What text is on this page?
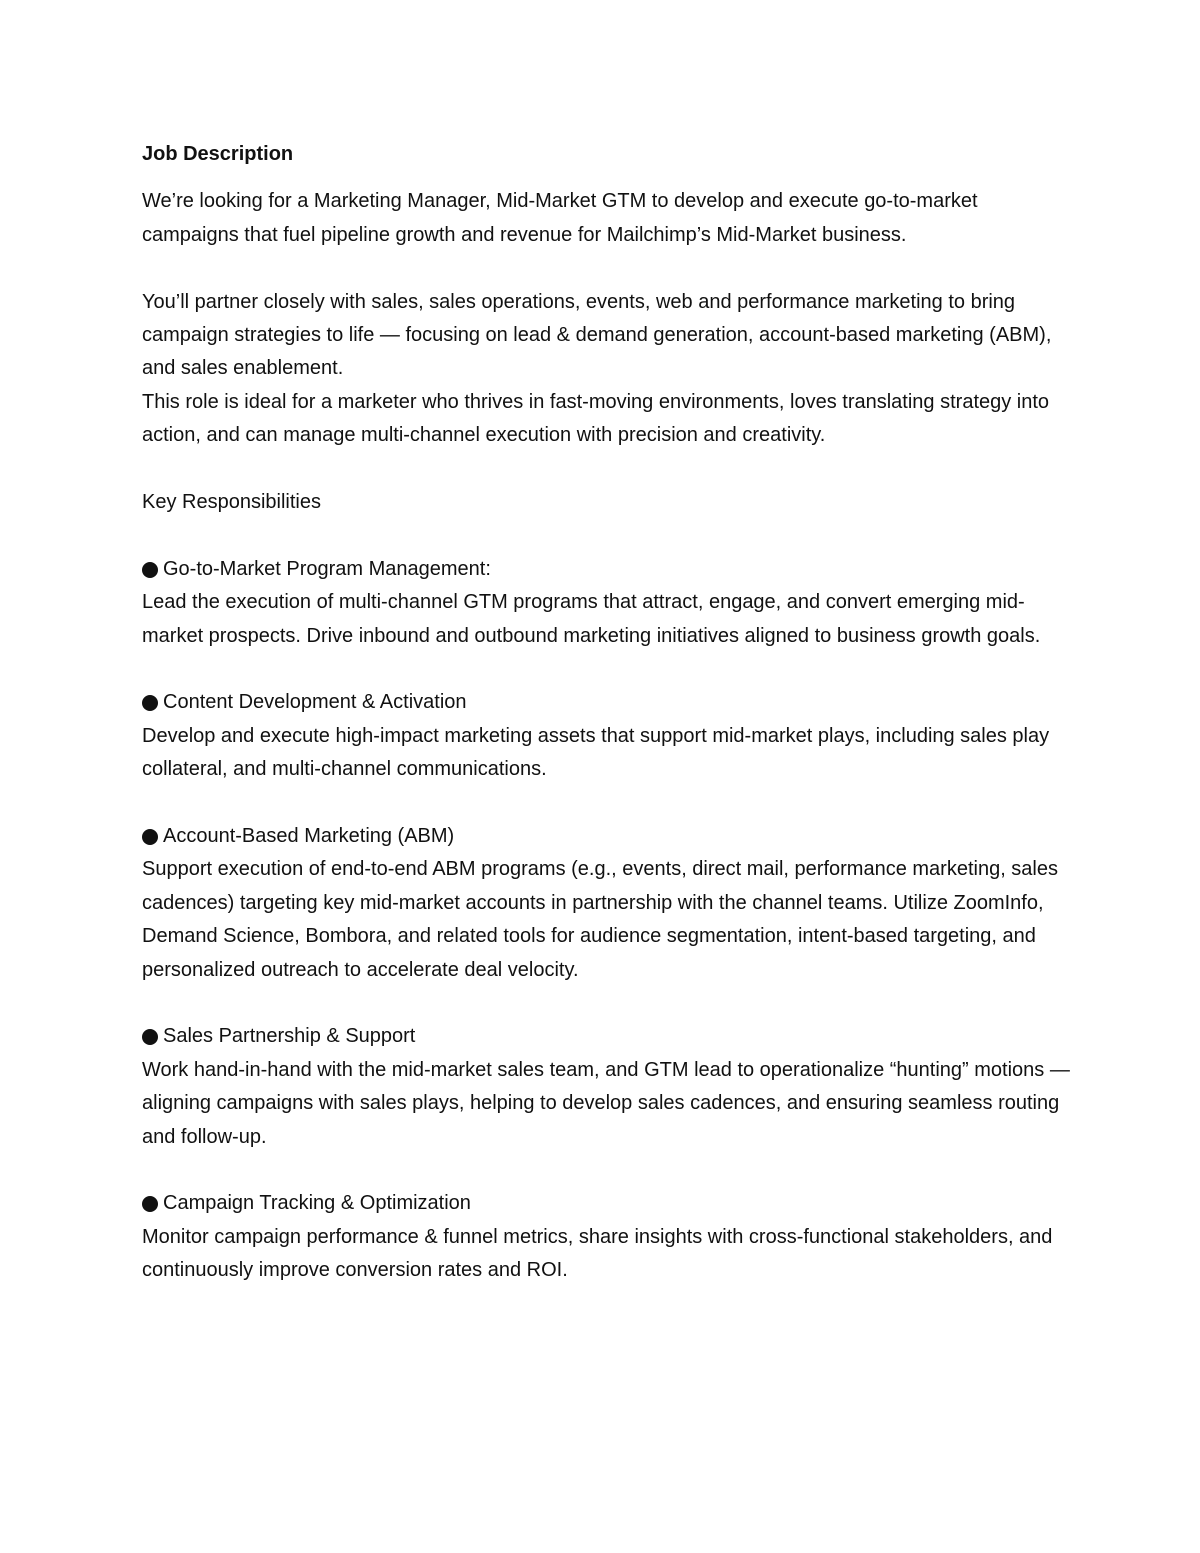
Job Description

We’re looking for a Marketing Manager, Mid-Market GTM to develop and execute go-to-market campaigns that fuel pipeline growth and revenue for Mailchimp’s Mid-Market business.

You’ll partner closely with sales, sales operations, events, web and performance marketing to bring campaign strategies to life — focusing on lead & demand generation, account-based marketing (ABM), and sales enablement.

This role is ideal for a marketer who thrives in fast-moving environments, loves translating strategy into action, and can manage multi-channel execution with precision and creativity.

Key Responsibilities

Go-to-Market Program Management:

Lead the execution of multi-channel GTM programs that attract, engage, and convert emerging mid-market prospects. Drive inbound and outbound marketing initiatives aligned to business growth goals.

Content Development & Activation

Develop and execute high-impact marketing assets that support mid-market plays, including sales play collateral, and multi-channel communications.

Account-Based Marketing (ABM)

Support execution of end-to-end ABM programs (e.g., events, direct mail, performance marketing, sales cadences) targeting key mid-market accounts in partnership with the channel teams. Utilize ZoomInfo, Demand Science, Bombora, and related tools for audience segmentation, intent-based targeting, and personalized outreach to accelerate deal velocity.

Sales Partnership & Support

Work hand-in-hand with the mid-market sales team, and GTM lead to operationalize “hunting” motions — aligning campaigns with sales plays, helping to develop sales cadences, and ensuring seamless routing and follow-up.

Campaign Tracking & Optimization

Monitor campaign performance & funnel metrics, share insights with cross-functional stakeholders, and continuously improve conversion rates and ROI.
